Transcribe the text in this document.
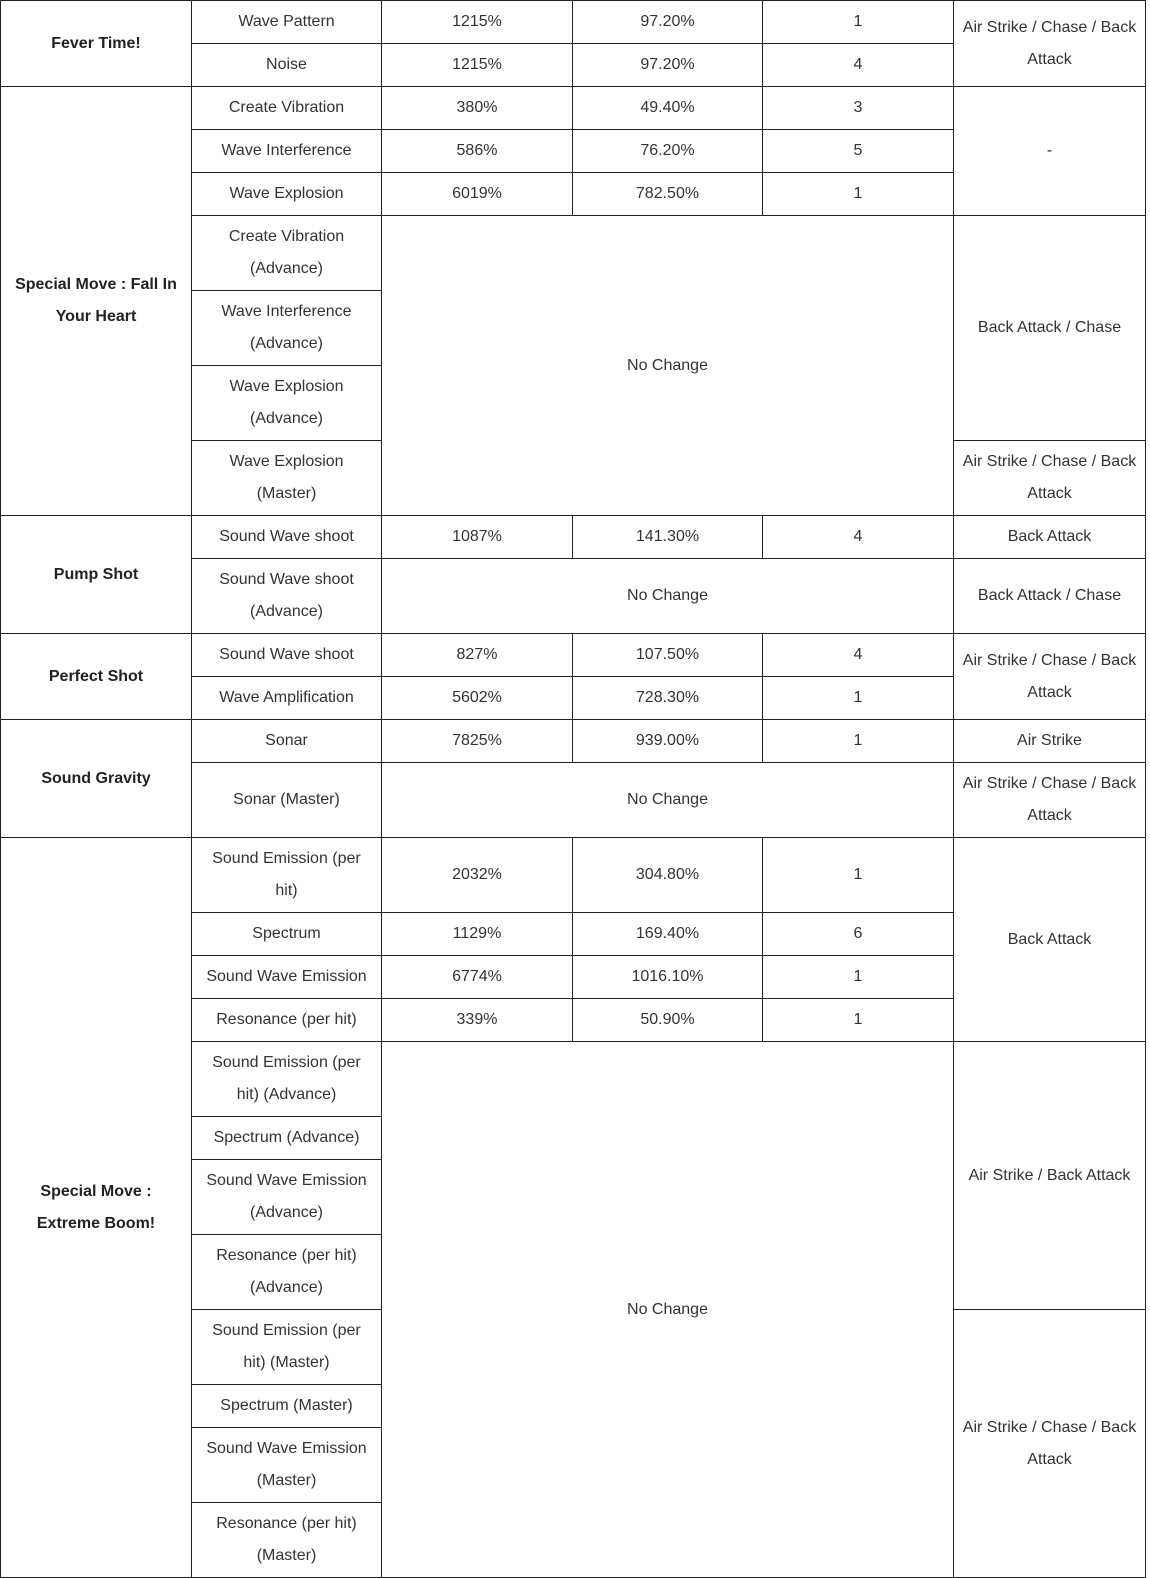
Fever Time!	Wave Pattern	1215%	97.20%	1	Air Strike / Chase / Back Attack
	Noise	1215%	97.20%	4	
Special Move : Fall In Your Heart	Create Vibration	380%	49.40%	3	-
	Wave Interference	586%	76.20%	5	
	Wave Explosion	6019%	782.50%	1	
	Create Vibration (Advance)	No Change			Back Attack / Chase
	Wave Interference (Advance)				
	Wave Explosion (Advance)				
	Wave Explosion (Master)				Air Strike / Chase / Back Attack
Pump Shot	Sound Wave shoot	1087%	141.30%	4	Back Attack
	Sound Wave shoot (Advance)	No Change			Back Attack / Chase
Perfect Shot	Sound Wave shoot	827%	107.50%	4	Air Strike / Chase / Back Attack
	Wave Amplification	5602%	728.30%	1	
Sound Gravity	Sonar	7825%	939.00%	1	Air Strike
	Sonar (Master)	No Change			Air Strike / Chase / Back Attack
Special Move : Extreme Boom!	Sound Emission (per hit)	2032%	304.80%	1	Back Attack
	Spectrum	1129%	169.40%	6	
	Sound Wave Emission	6774%	1016.10%	1	
	Resonance (per hit)	339%	50.90%	1	
	Sound Emission (per hit) (Advance)	No Change			Air Strike / Back Attack
	Spectrum (Advance)				
	Sound Wave Emission (Advance)				
	Resonance (per hit) (Advance)				
	Sound Emission (per hit) (Master)				Air Strike / Chase / Back Attack
	Spectrum (Master)				
	Sound Wave Emission (Master)				
	Resonance (per hit) (Master)				
